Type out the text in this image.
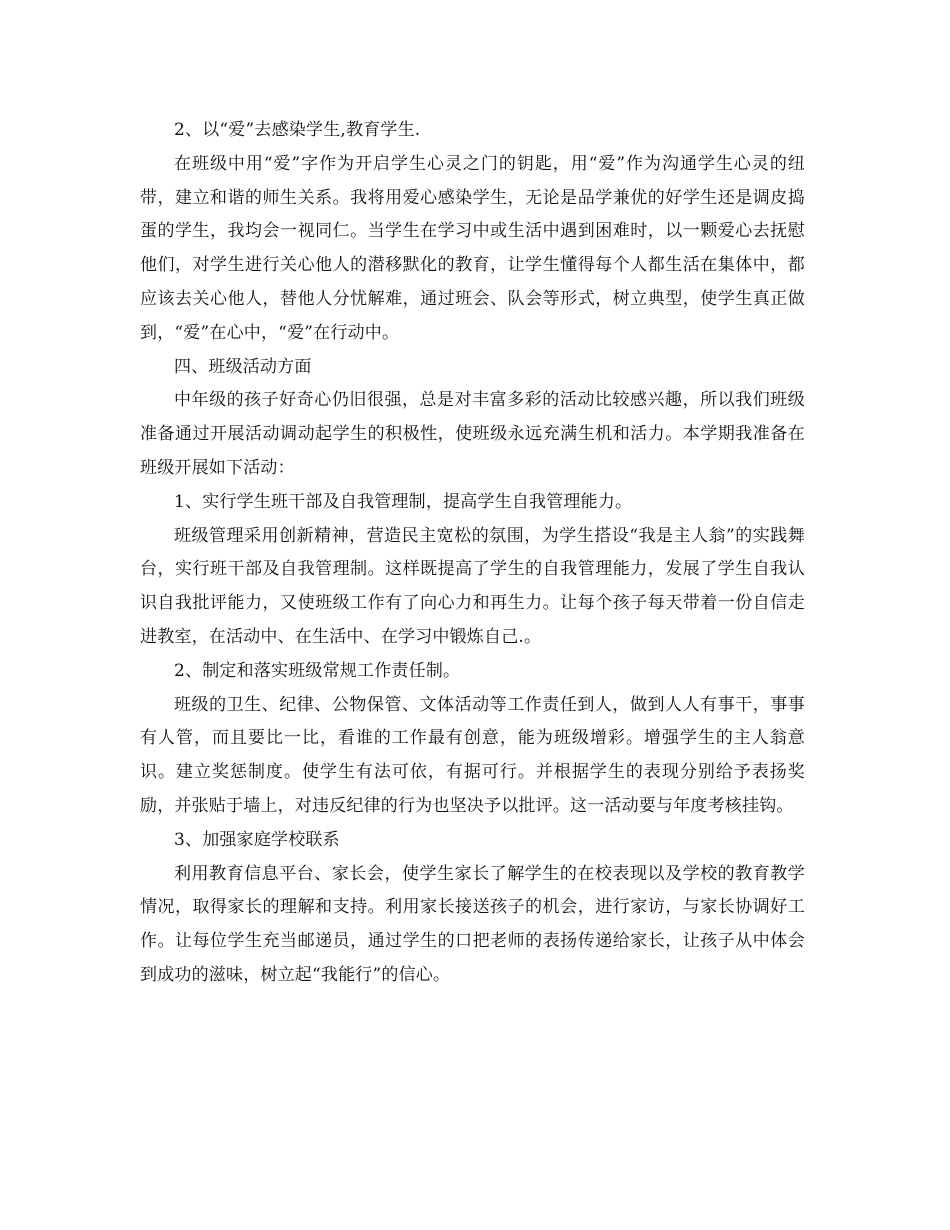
2、以“爱”去感染学生,教育学生.

在班级中用“爱”字作为开启学生心灵之门的钥匙，用“爱”作为沟通学生心灵的纽带，建立和谐的师生关系。我将用爱心感染学生，无论是品学兼优的好学生还是调皮捣蛋的学生，我均会一视同仁。当学生在学习中或生活中遇到困难时，以一颗爱心去抚慰他们，对学生进行关心他人的潜移默化的教育，让学生懂得每个人都生活在集体中，都应该去关心他人，替他人分忧解难，通过班会、队会等形式，树立典型，使学生真正做到，“爱”在心中，“爱”在行动中。

四、班级活动方面

中年级的孩子好奇心仍旧很强，总是对丰富多彩的活动比较感兴趣，所以我们班级准备通过开展活动调动起学生的积极性，使班级永远充满生机和活力。本学期我准备在班级开展如下活动：

1、实行学生班干部及自我管理制，提高学生自我管理能力。

班级管理采用创新精神，营造民主宽松的氛围，为学生搭设“我是主人翁”的实践舞台，实行班干部及自我管理制。这样既提高了学生的自我管理能力，发展了学生自我认识自我批评能力，又使班级工作有了向心力和再生力。让每个孩子每天带着一份自信走进教室，在活动中、在生活中、在学习中锻炼自己.。

2、制定和落实班级常规工作责任制。

班级的卫生、纪律、公物保管、文体活动等工作责任到人，做到人人有事干，事事有人管，而且要比一比，看谁的工作最有创意，能为班级增彩。增强学生的主人翁意识。建立奖惩制度。使学生有法可依，有据可行。并根据学生的表现分别给予表扬奖励，并张贴于墙上，对违反纪律的行为也坚决予以批评。这一活动要与年度考核挂钩。

3、加强家庭学校联系

利用教育信息平台、家长会，使学生家长了解学生的在校表现以及学校的教育教学情况，取得家长的理解和支持。利用家长接送孩子的机会，进行家访，与家长协调好工作。让每位学生充当邮递员，通过学生的口把老师的表扬传递给家长，让孩子从中体会到成功的滋味，树立起“我能行”的信心。
